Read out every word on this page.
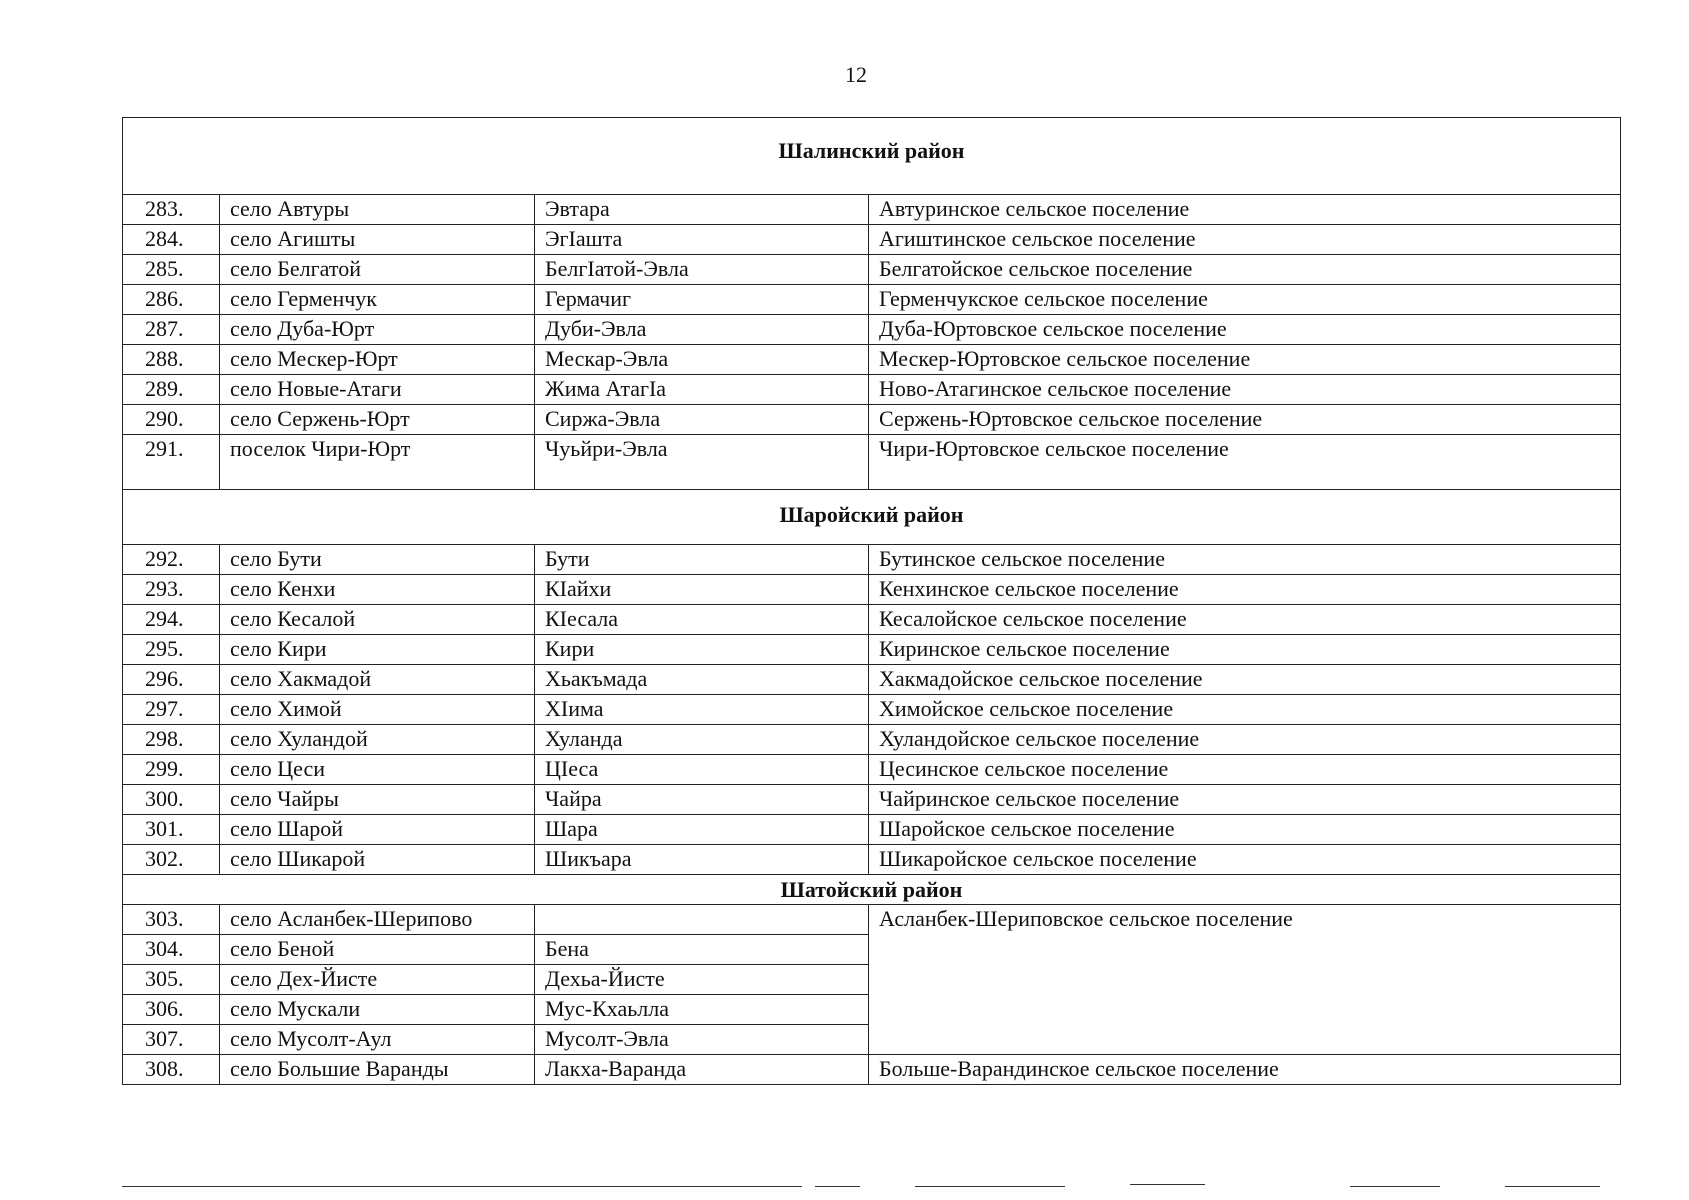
12
Шалинский район			
283.	село Автуры	Эвтара	Автуринское сельское поселение
284.	село Агишты	ЭгIашта	Агиштинское сельское поселение
285.	село Белгатой	БелгIатой-Эвла	Белгатойское сельское поселение
286.	село Герменчук	Гермачиг	Герменчукское сельское поселение
287.	село Дуба-Юрт	Дуби-Эвла	Дуба-Юртовское сельское поселение
288.	село Мескер-Юрт	Мескар-Эвла	Мескер-Юртовское сельское поселение
289.	село Новые-Атаги	Жима АтагIа	Ново-Атагинское сельское поселение
290.	село Сержень-Юрт	Сиржа-Эвла	Сержень-Юртовское сельское поселение
291.	поселок Чири-Юрт	Чуьйри-Эвла	Чири-Юртовское сельское поселение
Шаройский район			
292.	село Бути	Бути	Бутинское сельское поселение
293.	село Кенхи	КIайхи	Кенхинское сельское поселение
294.	село Кесалой	КIесала	Кесалойское сельское поселение
295.	село Кири	Кири	Киринское сельское поселение
296.	село Хакмадой	Хьакъмада	Хакмадойское сельское поселение
297.	село Химой	ХIима	Химойское сельское поселение
298.	село Хуландой	Хуланда	Хуландойское сельское поселение
299.	село Цеси	ЦIеса	Цесинское сельское поселение
300.	село Чайры	Чайра	Чайринское сельское поселение
301.	село Шарой	Шара	Шаройское сельское поселение
302.	село Шикарой	Шикъара	Шикаройское сельское поселение
Шатойский район			
303.	село Асланбек-Шерипово		Асланбек-Шериповское сельское поселение
304.	село Беной	Бена	
305.	село Дех-Йисте	Дехьа-Йисте	
306.	село Мускали	Мус-Кхаьлла	
307.	село Мусолт-Аул	Мусолт-Эвла	
308.	село Большие Варанды	Лакха-Варанда	Больше-Варандинское сельское поселение
